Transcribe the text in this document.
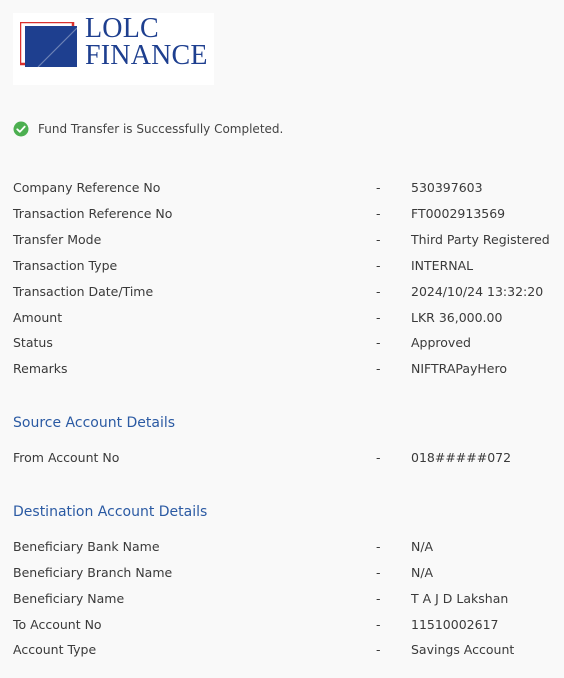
LOLC
FINANCE
Fund Transfer is Successfully Completed.
Company Reference No	- 530397603
Transaction Reference No	- FT0002913569
Transfer Mode	- Third Party Registered
Transaction Type	- INTERNAL
Transaction Date/Time	- 2024/10/24 13:32:20
Amount	- LKR 36,000.00
Status	- Approved
Remarks	- NIFTRAPayHero
Source Account Details
From Account No	- 018#####072
Destination Account Details
Beneficiary Bank Name	- N/A
Beneficiary Branch Name	- N/A
Beneficiary Name	- T A J D Lakshan
To Account No	- 11510002617
Account Type	- Savings Account
